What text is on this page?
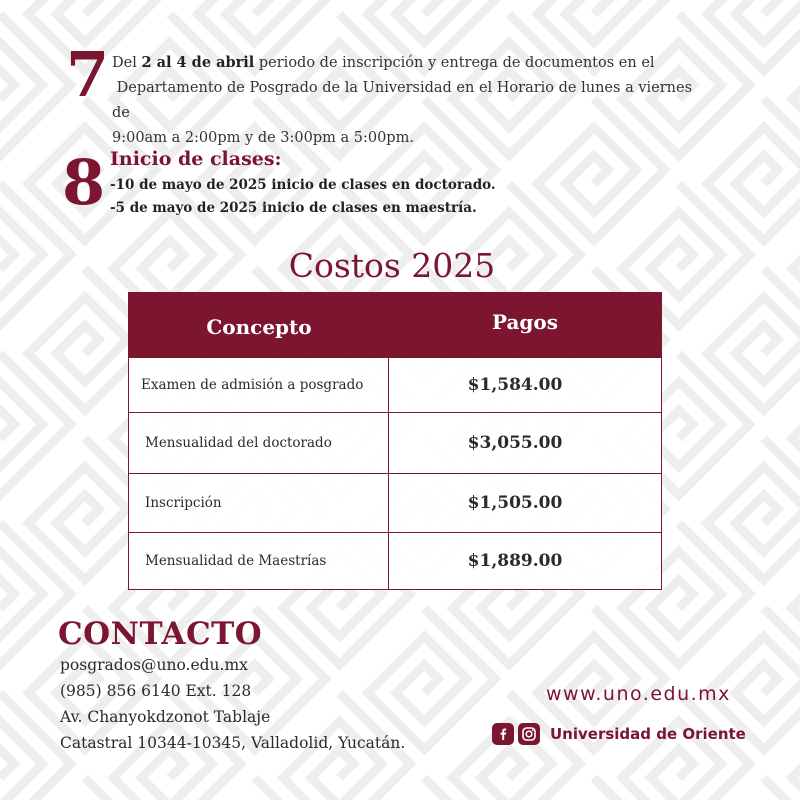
7 Del 2 al 4 de abril periodo de inscripción y entrega de documentos en el
Departamento de Posgrado de la Universidad en el Horario de lunes a viernes de
9:00am a 2:00pm y de 3:00pm a 5:00pm.
8 Inicio de clases:
-10 de mayo de 2025 inicio de clases en doctorado.
-5 de mayo de 2025 inicio de clases en maestría.
Costos 2025
Concepto	Pagos
Examen de admisión a posgrado	$1,584.00
Mensualidad del doctorado	$3,055.00
Inscripción	$1,505.00
Mensualidad de Maestrías	$1,889.00
CONTACTO
posgrados@uno.edu.mx
(985) 856 6140 Ext. 128
Av. Chanyokdzonot Tablaje
Catastral 10344-10345, Valladolid, Yucatán.
www.uno.edu.mx
Universidad de Oriente
